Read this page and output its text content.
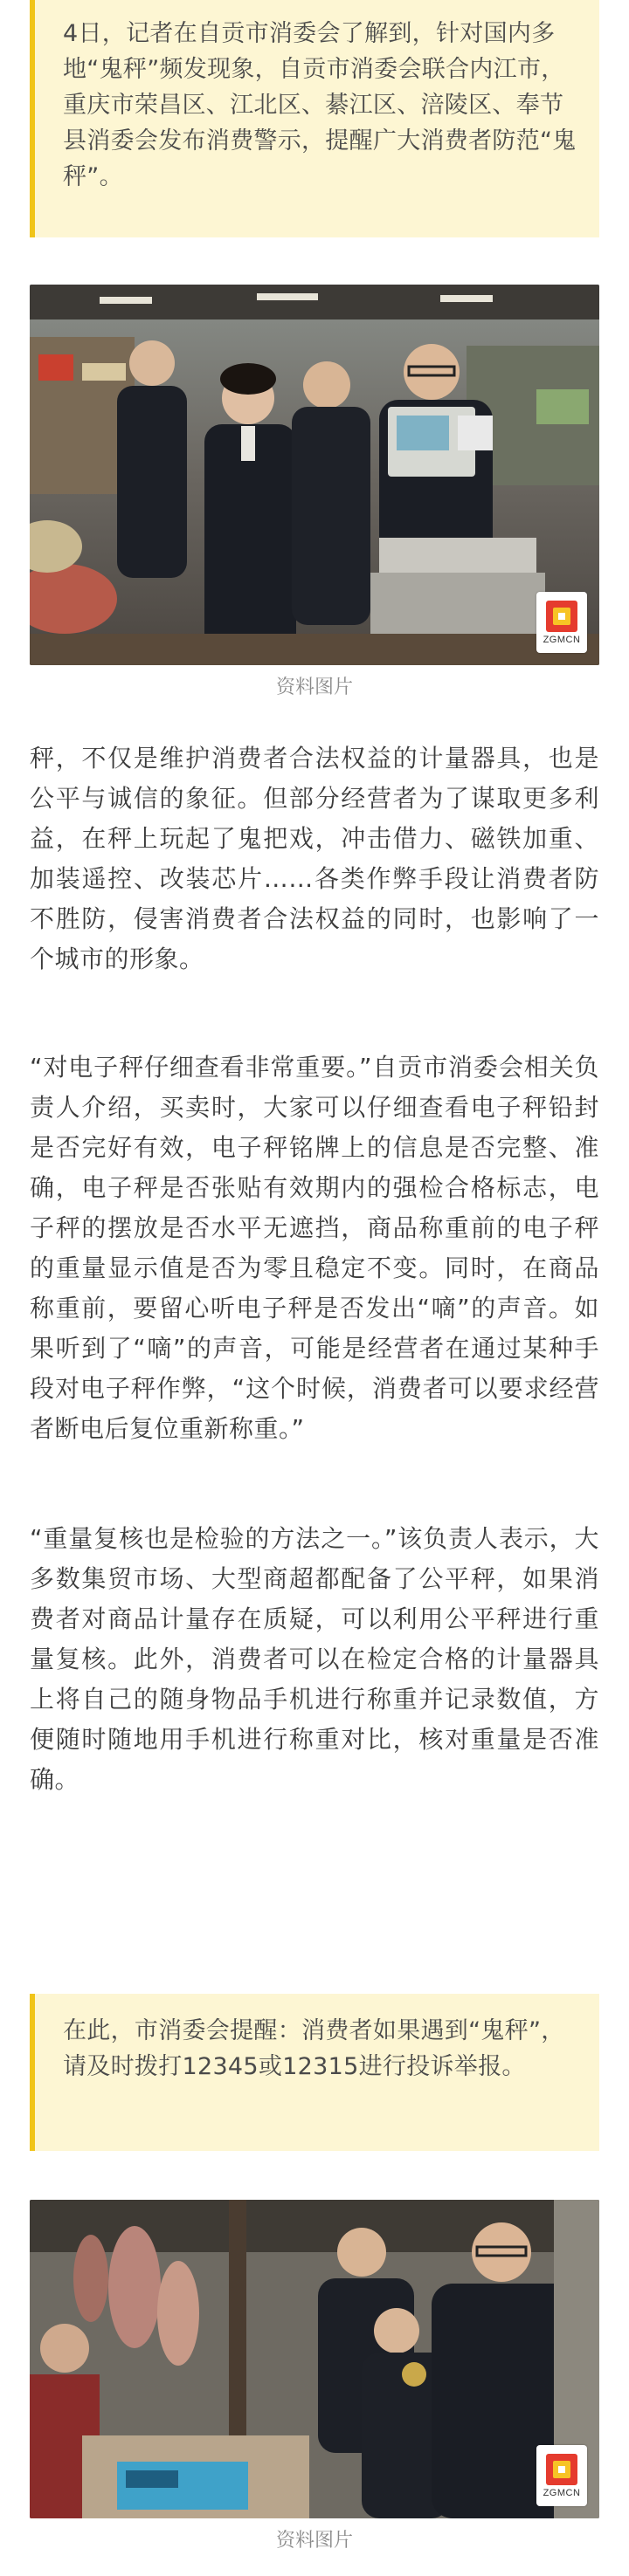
4日，记者在自贡市消委会了解到，针对国内多地“鬼秤”频发现象，自贡市消委会联合内江市，重庆市荣昌区、江北区、綦江区、涪陵区、奉节县消委会发布消费警示，提醒广大消费者防范“鬼秤”。
ZGMCN
资料图片

秤，不仅是维护消费者合法权益的计量器具，也是公平与诚信的象征。但部分经营者为了谋取更多利益，在秤上玩起了鬼把戏，冲击借力、磁铁加重、加装遥控、改装芯片……各类作弊手段让消费者防不胜防，侵害消费者合法权益的同时，也影响了一个城市的形象。

“对电子秤仔细查看非常重要。”自贡市消委会相关负责人介绍，买卖时，大家可以仔细查看电子秤铅封是否完好有效，电子秤铭牌上的信息是否完整、准确，电子秤是否张贴有效期内的强检合格标志，电子秤的摆放是否水平无遮挡，商品称重前的电子秤的重量显示值是否为零且稳定不变。同时，在商品称重前，要留心听电子秤是否发出“嘀”的声音。如果听到了“嘀”的声音，可能是经营者在通过某种手段对电子秤作弊，“这个时候，消费者可以要求经营者断电后复位重新称重。”

“重量复核也是检验的方法之一。”该负责人表示，大多数集贸市场、大型商超都配备了公平秤，如果消费者对商品计量存在质疑，可以利用公平秤进行重量复核。此外，消费者可以在检定合格的计量器具上将自己的随身物品手机进行称重并记录数值，方便随时随地用手机进行称重对比，核对重量是否准确。

在此，市消委会提醒：消费者如果遇到“鬼秤”，请及时拨打12345或12315进行投诉举报。
ZGMCN
资料图片
